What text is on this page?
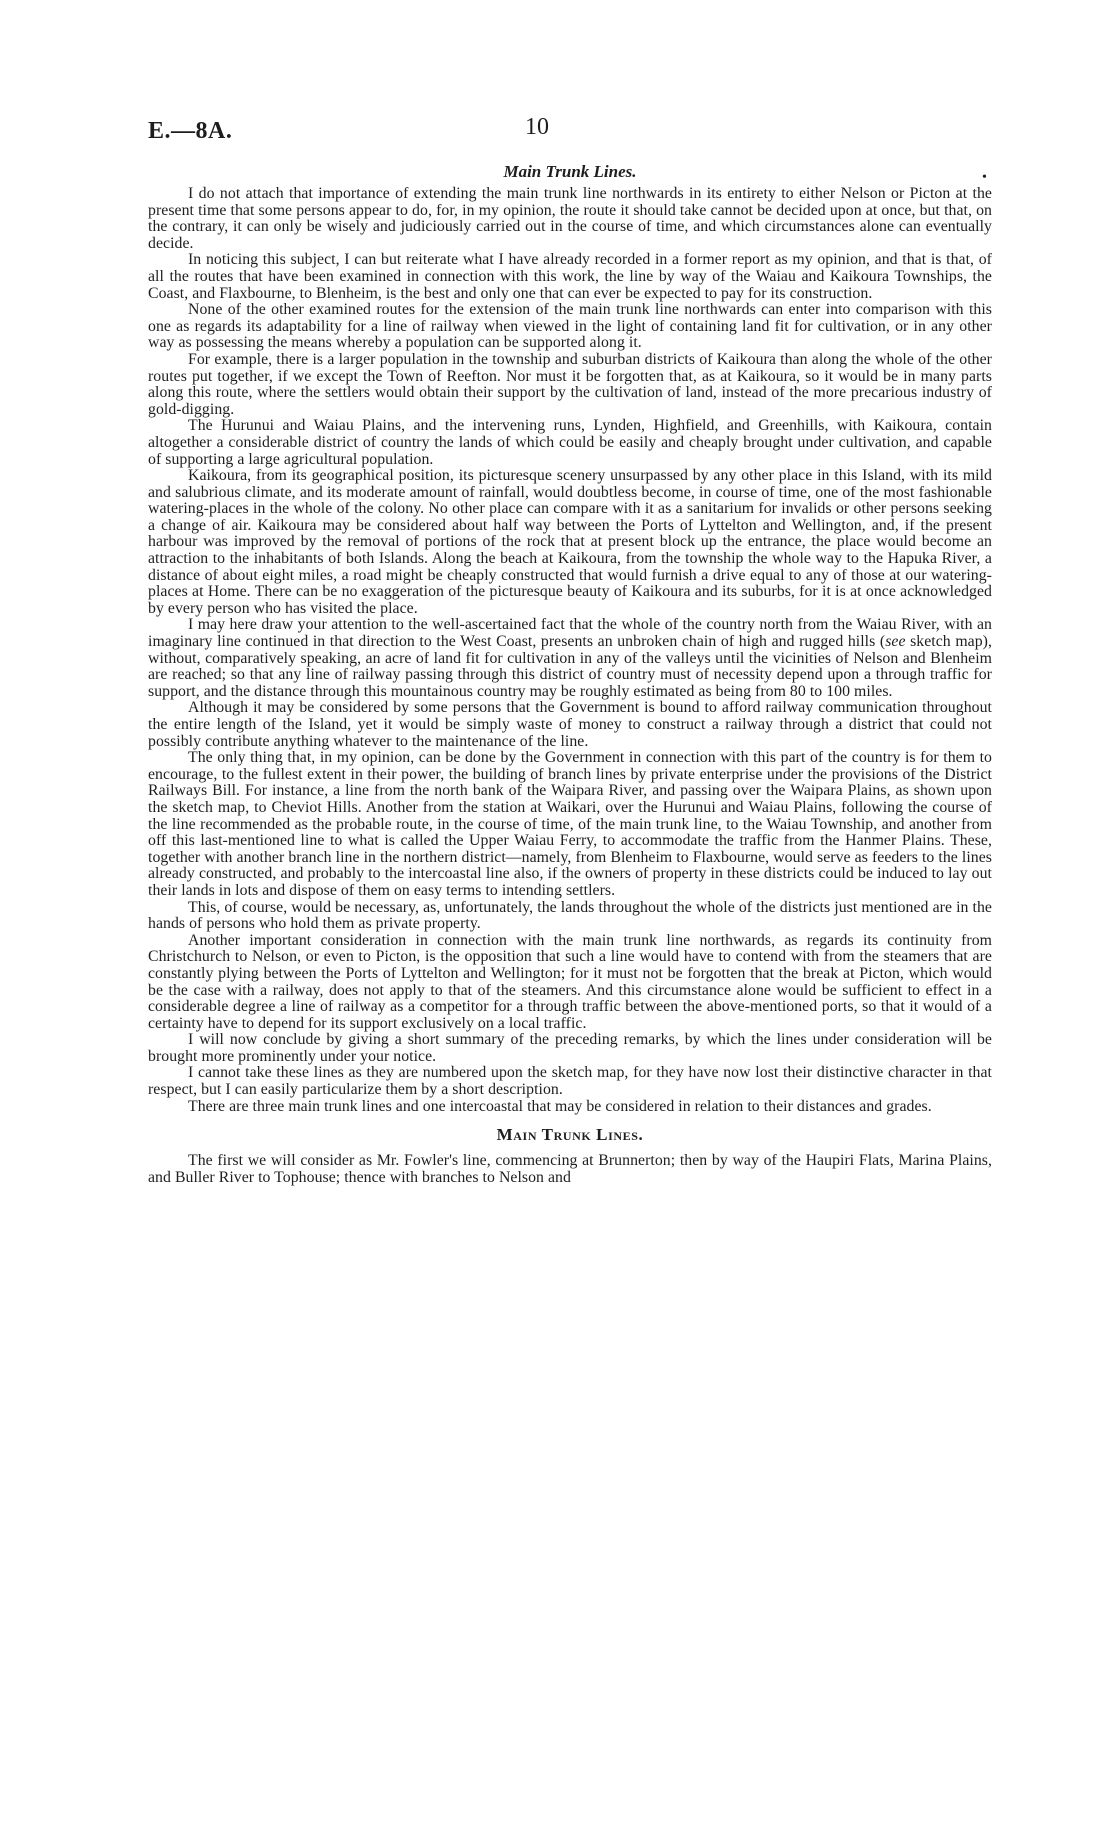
E.—8A.	10
•
Main Trunk Lines.

I do not attach that importance of extending the main trunk line northwards in its entirety to either Nelson or Picton at the present time that some persons appear to do, for, in my opinion, the route it should take cannot be decided upon at once, but that, on the contrary, it can only be wisely and judiciously carried out in the course of time, and which circumstances alone can eventually decide.

In noticing this subject, I can but reiterate what I have already recorded in a former report as my opinion, and that is that, of all the routes that have been examined in connection with this work, the line by way of the Waiau and Kaikoura Townships, the Coast, and Flaxbourne, to Blenheim, is the best and only one that can ever be expected to pay for its construction.

None of the other examined routes for the extension of the main trunk line northwards can enter into comparison with this one as regards its adaptability for a line of railway when viewed in the light of containing land fit for cultivation, or in any other way as possessing the means whereby a population can be supported along it.

For example, there is a larger population in the township and suburban districts of Kaikoura than along the whole of the other routes put together, if we except the Town of Reefton. Nor must it be forgotten that, as at Kaikoura, so it would be in many parts along this route, where the settlers would obtain their support by the cultivation of land, instead of the more precarious industry of gold-digging.

The Hurunui and Waiau Plains, and the intervening runs, Lynden, Highfield, and Greenhills, with Kaikoura, contain altogether a considerable district of country the lands of which could be easily and cheaply brought under cultivation, and capable of supporting a large agricultural population.

Kaikoura, from its geographical position, its picturesque scenery unsurpassed by any other place in this Island, with its mild and salubrious climate, and its moderate amount of rainfall, would doubtless become, in course of time, one of the most fashionable watering-places in the whole of the colony. No other place can compare with it as a sanitarium for invalids or other persons seeking a change of air. Kaikoura may be considered about half way between the Ports of Lyttelton and Wellington, and, if the present harbour was improved by the removal of portions of the rock that at present block up the entrance, the place would become an attraction to the inhabitants of both Islands. Along the beach at Kaikoura, from the township the whole way to the Hapuka River, a distance of about eight miles, a road might be cheaply constructed that would furnish a drive equal to any of those at our watering-places at Home. There can be no exaggeration of the picturesque beauty of Kaikoura and its suburbs, for it is at once acknowledged by every person who has visited the place.

I may here draw your attention to the well-ascertained fact that the whole of the country north from the Waiau River, with an imaginary line continued in that direction to the West Coast, presents an unbroken chain of high and rugged hills (see sketch map), without, comparatively speaking, an acre of land fit for cultivation in any of the valleys until the vicinities of Nelson and Blenheim are reached; so that any line of railway passing through this district of country must of necessity depend upon a through traffic for support, and the distance through this mountainous country may be roughly estimated as being from 80 to 100 miles.

Although it may be considered by some persons that the Government is bound to afford railway communication throughout the entire length of the Island, yet it would be simply waste of money to construct a railway through a district that could not possibly contribute anything whatever to the maintenance of the line.

The only thing that, in my opinion, can be done by the Government in connection with this part of the country is for them to encourage, to the fullest extent in their power, the building of branch lines by private enterprise under the provisions of the District Railways Bill. For instance, a line from the north bank of the Waipara River, and passing over the Waipara Plains, as shown upon the sketch map, to Cheviot Hills. Another from the station at Waikari, over the Hurunui and Waiau Plains, following the course of the line recommended as the probable route, in the course of time, of the main trunk line, to the Waiau Township, and another from off this last-mentioned line to what is called the Upper Waiau Ferry, to accommodate the traffic from the Hanmer Plains. These, together with another branch line in the northern district—namely, from Blenheim to Flaxbourne, would serve as feeders to the lines already constructed, and probably to the intercoastal line also, if the owners of property in these districts could be induced to lay out their lands in lots and dispose of them on easy terms to intending settlers.

This, of course, would be necessary, as, unfortunately, the lands throughout the whole of the districts just mentioned are in the hands of persons who hold them as private property.

Another important consideration in connection with the main trunk line northwards, as regards its continuity from Christchurch to Nelson, or even to Picton, is the opposition that such a line would have to contend with from the steamers that are constantly plying between the Ports of Lyttelton and Wellington; for it must not be forgotten that the break at Picton, which would be the case with a railway, does not apply to that of the steamers. And this circumstance alone would be sufficient to effect in a considerable degree a line of railway as a competitor for a through traffic between the above-mentioned ports, so that it would of a certainty have to depend for its support exclusively on a local traffic.

I will now conclude by giving a short summary of the preceding remarks, by which the lines under consideration will be brought more prominently under your notice.

I cannot take these lines as they are numbered upon the sketch map, for they have now lost their distinctive character in that respect, but I can easily particularize them by a short description.

There are three main trunk lines and one intercoastal that may be considered in relation to their distances and grades.

Main Trunk Lines.

The first we will consider as Mr. Fowler's line, commencing at Brunnerton; then by way of the Haupiri Flats, Marina Plains, and Buller River to Tophouse; thence with branches to Nelson and
